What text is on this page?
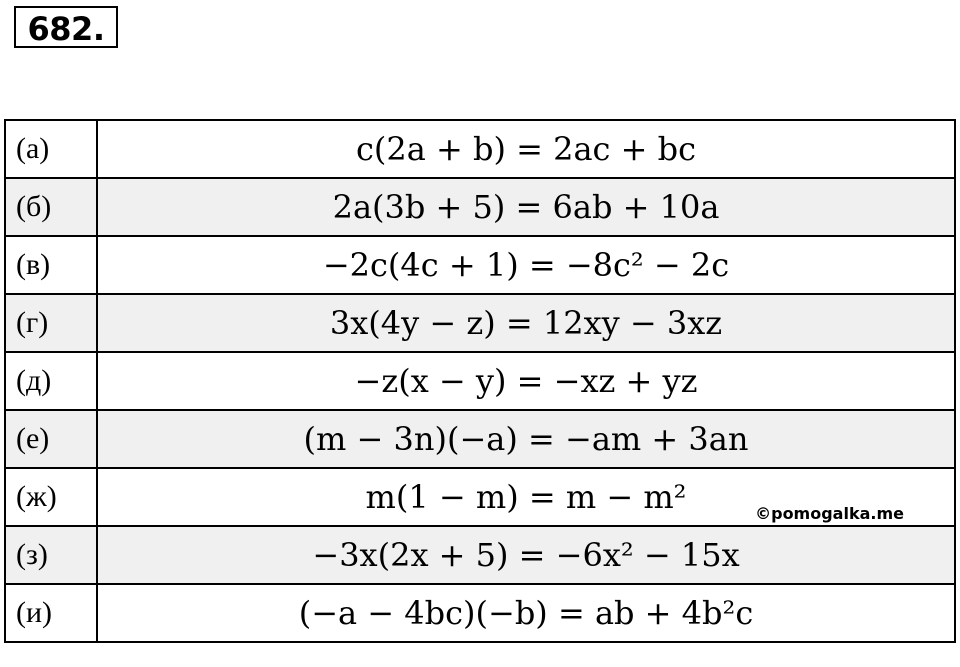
682.
(а)	c(2a + b) = 2ac + bc
(б)	2a(3b + 5) = 6ab + 10a
(в)	−2c(4c + 1) = −8c² − 2c
(г)	3x(4y − z) = 12xy − 3xz
(д)	−z(x − y) = −xz + yz
(е)	(m − 3n)(−a) = −am + 3an
(ж)	m(1 − m) = m − m² ©pomogalka.me

(з)	−3x(2x + 5) = −6x² − 15x
(и)	(−a − 4bc)(−b) = ab + 4b²c
